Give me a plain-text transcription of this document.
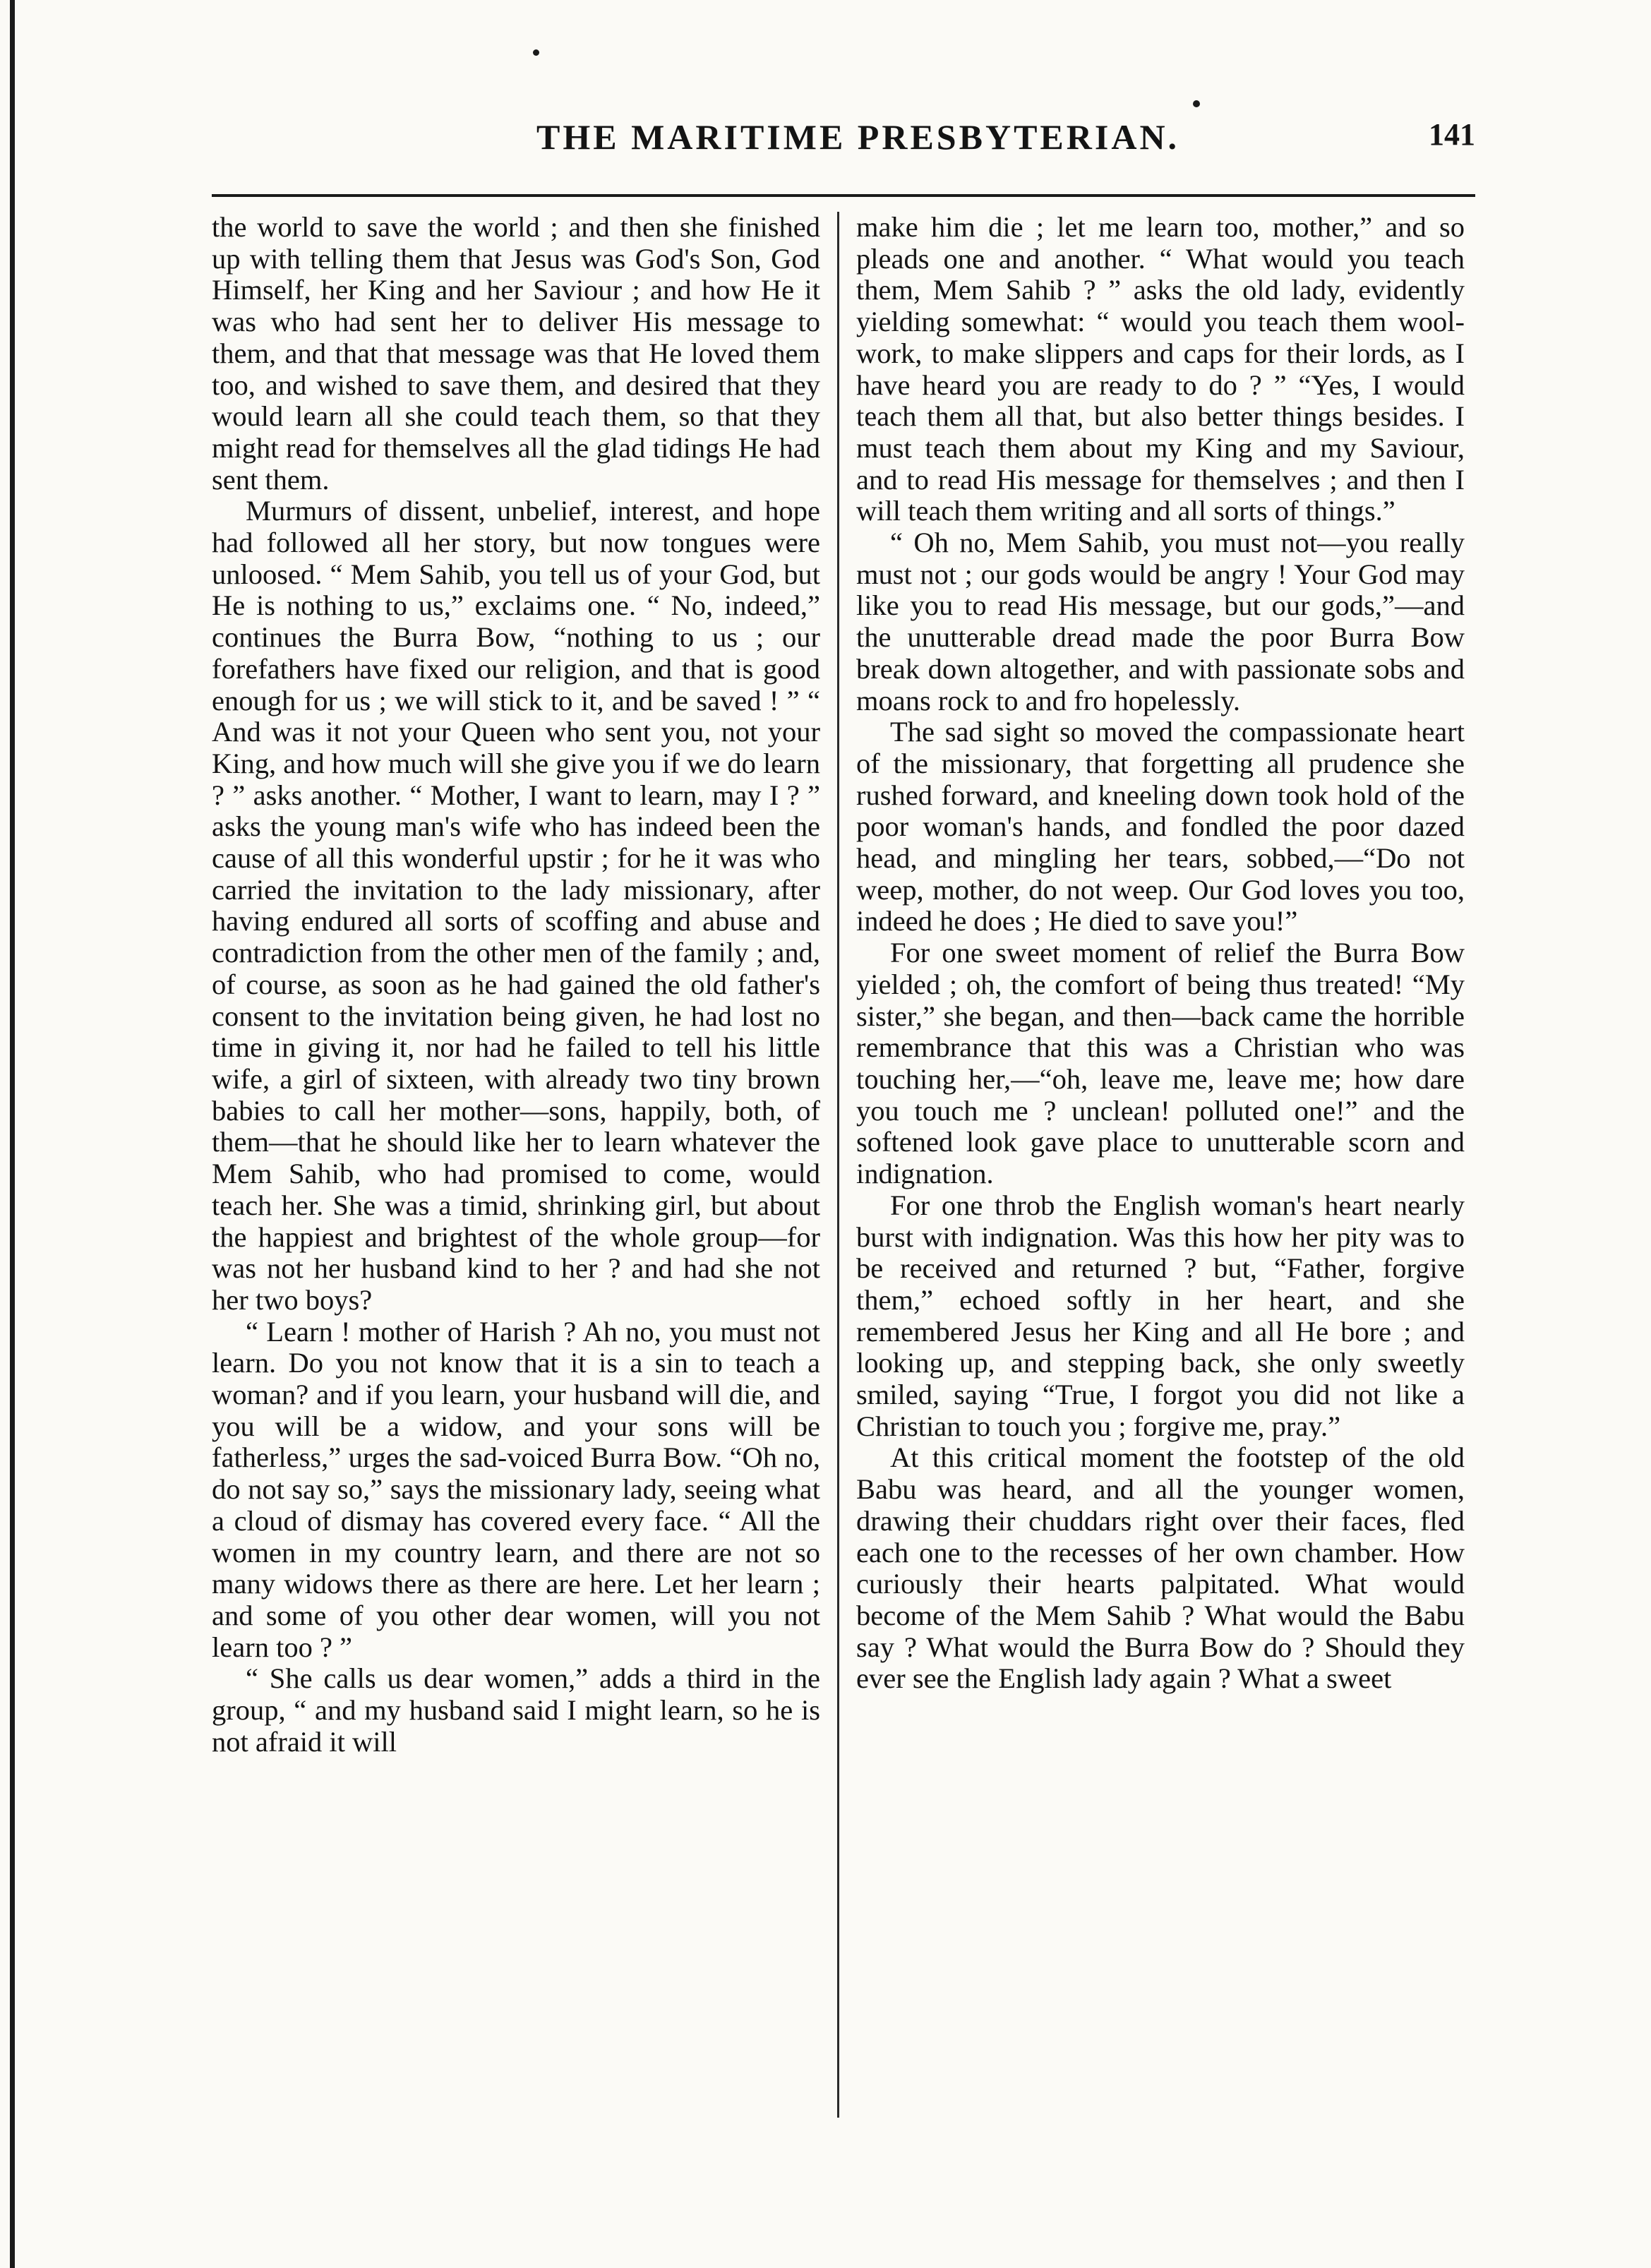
THE MARITIME PRESBYTERIAN.	141

the world to save the world ; and then she finished up with telling them that Jesus was God's Son, God Himself, her King and her Saviour ; and how He it was who had sent her to deliver His message to them, and that that message was that He loved them too, and wished to save them, and desired that they would learn all she could teach them, so that they might read for themselves all the glad tidings He had sent them.

Murmurs of dissent, unbelief, interest, and hope had followed all her story, but now tongues were unloosed. “ Mem Sahib, you tell us of your God, but He is nothing to us,” exclaims one. “ No, indeed,” continues the Burra Bow, “nothing to us ; our forefathers have fixed our religion, and that is good enough for us ; we will stick to it, and be saved ! ” “ And was it not your Queen who sent you, not your King, and how much will she give you if we do learn ? ” asks another. “ Mother, I want to learn, may I ? ” asks the young man's wife who has indeed been the cause of all this wonderful upstir ; for he it was who carried the invitation to the lady missionary, after having endured all sorts of scoffing and abuse and contradiction from the other men of the family ; and, of course, as soon as he had gained the old father's consent to the invitation being given, he had lost no time in giving it, nor had he failed to tell his little wife, a girl of sixteen, with already two tiny brown babies to call her mother—sons, happily, both, of them—that he should like her to learn whatever the Mem Sahib, who had promised to come, would teach her. She was a timid, shrinking girl, but about the happiest and brightest of the whole group—for was not her husband kind to her ? and had she not her two boys?

“ Learn ! mother of Harish ? Ah no, you must not learn. Do you not know that it is a sin to teach a woman? and if you learn, your husband will die, and you will be a widow, and your sons will be fatherless,” urges the sad-voiced Burra Bow. “Oh no, do not say so,” says the missionary lady, seeing what a cloud of dismay has covered every face. “ All the women in my country learn, and there are not so many widows there as there are here. Let her learn ; and some of you other dear women, will you not learn too ? ”

“ She calls us dear women,” adds a third in the group, “ and my husband said I might learn, so he is not afraid it will

make him die ; let me learn too, mother,” and so pleads one and another. “ What would you teach them, Mem Sahib ? ” asks the old lady, evidently yielding somewhat: “ would you teach them wool-work, to make slippers and caps for their lords, as I have heard you are ready to do ? ” “Yes, I would teach them all that, but also better things besides. I must teach them about my King and my Saviour, and to read His message for themselves ; and then I will teach them writing and all sorts of things.”

“ Oh no, Mem Sahib, you must not—you really must not ; our gods would be angry ! Your God may like you to read His message, but our gods,”—and the unutterable dread made the poor Burra Bow break down altogether, and with passionate sobs and moans rock to and fro hopelessly.

The sad sight so moved the compassionate heart of the missionary, that forgetting all prudence she rushed forward, and kneeling down took hold of the poor woman's hands, and fondled the poor dazed head, and mingling her tears, sobbed,—“Do not weep, mother, do not weep. Our God loves you too, indeed he does ; He died to save you!”

For one sweet moment of relief the Burra Bow yielded ; oh, the comfort of being thus treated! “My sister,” she began, and then—back came the horrible remembrance that this was a Christian who was touching her,—“oh, leave me, leave me; how dare you touch me ? unclean! polluted one!” and the softened look gave place to unutterable scorn and indignation.

For one throb the English woman's heart nearly burst with indignation. Was this how her pity was to be received and returned ? but, “Father, forgive them,” echoed softly in her heart, and she remembered Jesus her King and all He bore ; and looking up, and stepping back, she only sweetly smiled, saying “True, I forgot you did not like a Christian to touch you ; forgive me, pray.”

At this critical moment the footstep of the old Babu was heard, and all the younger women, drawing their chuddars right over their faces, fled each one to the recesses of her own chamber. How curiously their hearts palpitated. What would become of the Mem Sahib ? What would the Babu say ? What would the Burra Bow do ? Should they ever see the English lady again ? What a sweet
